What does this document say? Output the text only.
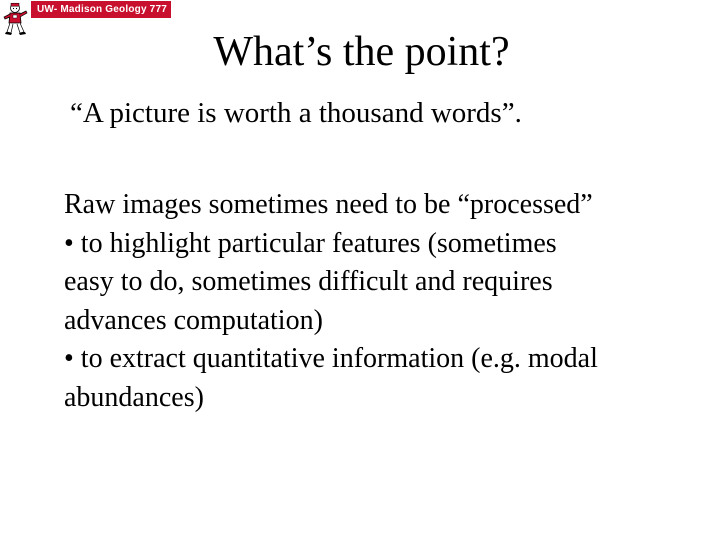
UW- Madison Geology 777
What’s the point?
“A picture is worth a thousand words”.

Raw images sometimes need to be “processed”

• to highlight particular features (sometimes

easy to do, sometimes difficult and requires

advances computation)

• to extract quantitative information (e.g. modal

abundances)
